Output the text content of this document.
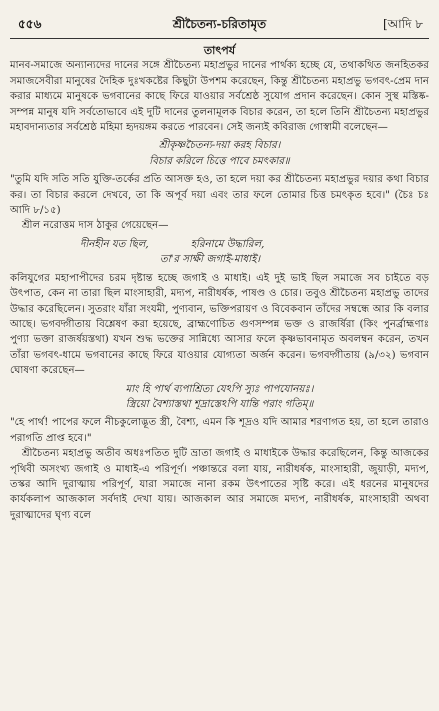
৫৫৬	শ্রীচৈতন্য-চরিতামৃত	[আদি ৮

তাৎপর্য

মানব-সমাজে অন্যান্যদের দানের সঙ্গে শ্রীচৈতন্য মহাপ্রভুর দানের পার্থক্য হচ্ছে যে, তথাকথিত জনহিতকর সমাজসেবীরা মানুষের দৈহিক দুঃখকষ্টের কিছুটা উপশম করেছেন, কিন্তু শ্রীচৈতন্য মহাপ্রভু ভগবৎ-প্রেম দান করার মাধ্যমে মানুষকে ভগবানের কাছে ফিরে যাওয়ার সর্বশ্রেষ্ঠ সুযোগ প্রদান করেছেন। কোন সুস্থ মস্তিষ্ক-সম্পন্ন মানুষ যদি সর্বতোভাবে এই দুটি দানের তুলনামূলক বিচার করেন, তা হলে তিনি শ্রীচৈতন্য মহাপ্রভুর মহাবদান্যতার সর্বশ্রেষ্ঠ মহিমা হৃদয়ঙ্গম করতে পারবেন। সেই জন্যই কবিরাজ গোস্বামী বলেছেন—

শ্রীকৃষ্ণচৈতন্য-দয়া করহ বিচার।
বিচার করিলে চিত্তে পাবে চমৎকার॥

"তুমি যদি সতি সতি যুক্তি-তর্কের প্রতি আসক্ত হও, তা হলে দয়া কর শ্রীচৈতন্য মহাপ্রভুর দয়ার কথা বিচার কর। তা বিচার করলে দেখবে, তা কি অপূর্ব দয়া এবং তার ফলে তোমার চিত্ত চমৎকৃত হবে।" (চৈঃ চঃ আদি ৮/১৫)

শ্রীল নরোত্তম দাস ঠাকুর গেয়েছেন—

দীনহীন যত ছিল,             হরিনামে উদ্ধারিল,
তা'র সাক্ষী জগাই-মাধাই।

কলিযুগের মহাপাপীদের চরম দৃষ্টান্ত হচ্ছে জগাই ও মাধাই। এই দুই ভাই ছিল সমাজে সব চাইতে বড় উৎপাত, কেন না তারা ছিল মাংসাহারী, মদ্যপ, নারীধর্ষক, পাষণ্ড ও চোর। তবুও শ্রীচৈতন্য মহাপ্রভু তাদের উদ্ধার করেছিলেন। সুতরাং যাঁরা সংযমী, পুণ্যবান, ভক্তিপরায়ণ ও বিবেকবান তাঁদের সম্বন্ধে আর কি বলার আছে। ভগবদ্গীতায় বিশ্লেষণ করা হয়েছে, ব্রাহ্মণোচিত গুণসম্পন্ন ভক্ত ও রাজর্ষিরা (কিং পুনর্ব্রাহ্মণাঃ পুণ্যা ভক্তা রাজর্ষয়স্তথা) যখন শুদ্ধ ভক্তের সান্নিধ্যে আসার ফলে কৃষ্ণভাবনামৃত অবলম্বন করেন, তখন তাঁরা ভগবৎ-ধামে ভগবানের কাছে ফিরে যাওয়ার যোগ্যতা অর্জন করেন। ভগবদ্গীতায় (৯/৩২) ভগবান ঘোষণা করেছেন—

মাং হি পার্থ ব্যপাশ্রিত্য যেঽপি স্যুঃ পাপযোনয়ঃ।
স্ত্রিয়ো বৈশ্যাস্তথা শূদ্রাস্তেঽপি যান্তি পরাং গতিম্॥

"হে পার্থ! পাপের ফলে নীচকুলোদ্ভূত স্ত্রী, বৈশ্য, এমন কি শূদ্রও যদি আমার শরণাগত হয়, তা হলে তারাও পরাগতি প্রাপ্ত হবে।"

শ্রীচৈতন্য মহাপ্রভু অতীব অধঃপতিত দুটি ভ্রাতা জগাই ও মাধাইকে উদ্ধার করেছিলেন, কিন্তু আজকের পৃথিবী অসংখ্য জগাই ও মাধাই-এ পরিপূর্ণ। পঞ্চান্তরে বলা যায়, নারীধর্ষক, মাংসাহারী, জুয়াড়ী, মদ্যপ, তস্কর আদি দুরাত্মায় পরিপূর্ণ, যারা সমাজে নানা রকম উৎপাতের সৃষ্টি করে। এই ধরনের মানুষদের কার্যকলাপ আজকাল সর্বদাই দেখা যায়। আজকাল আর সমাজে মদ্যপ, নারীধর্ষক, মাংসাহারী অথবা দুরাত্মাদের ঘৃণ্য বলে
